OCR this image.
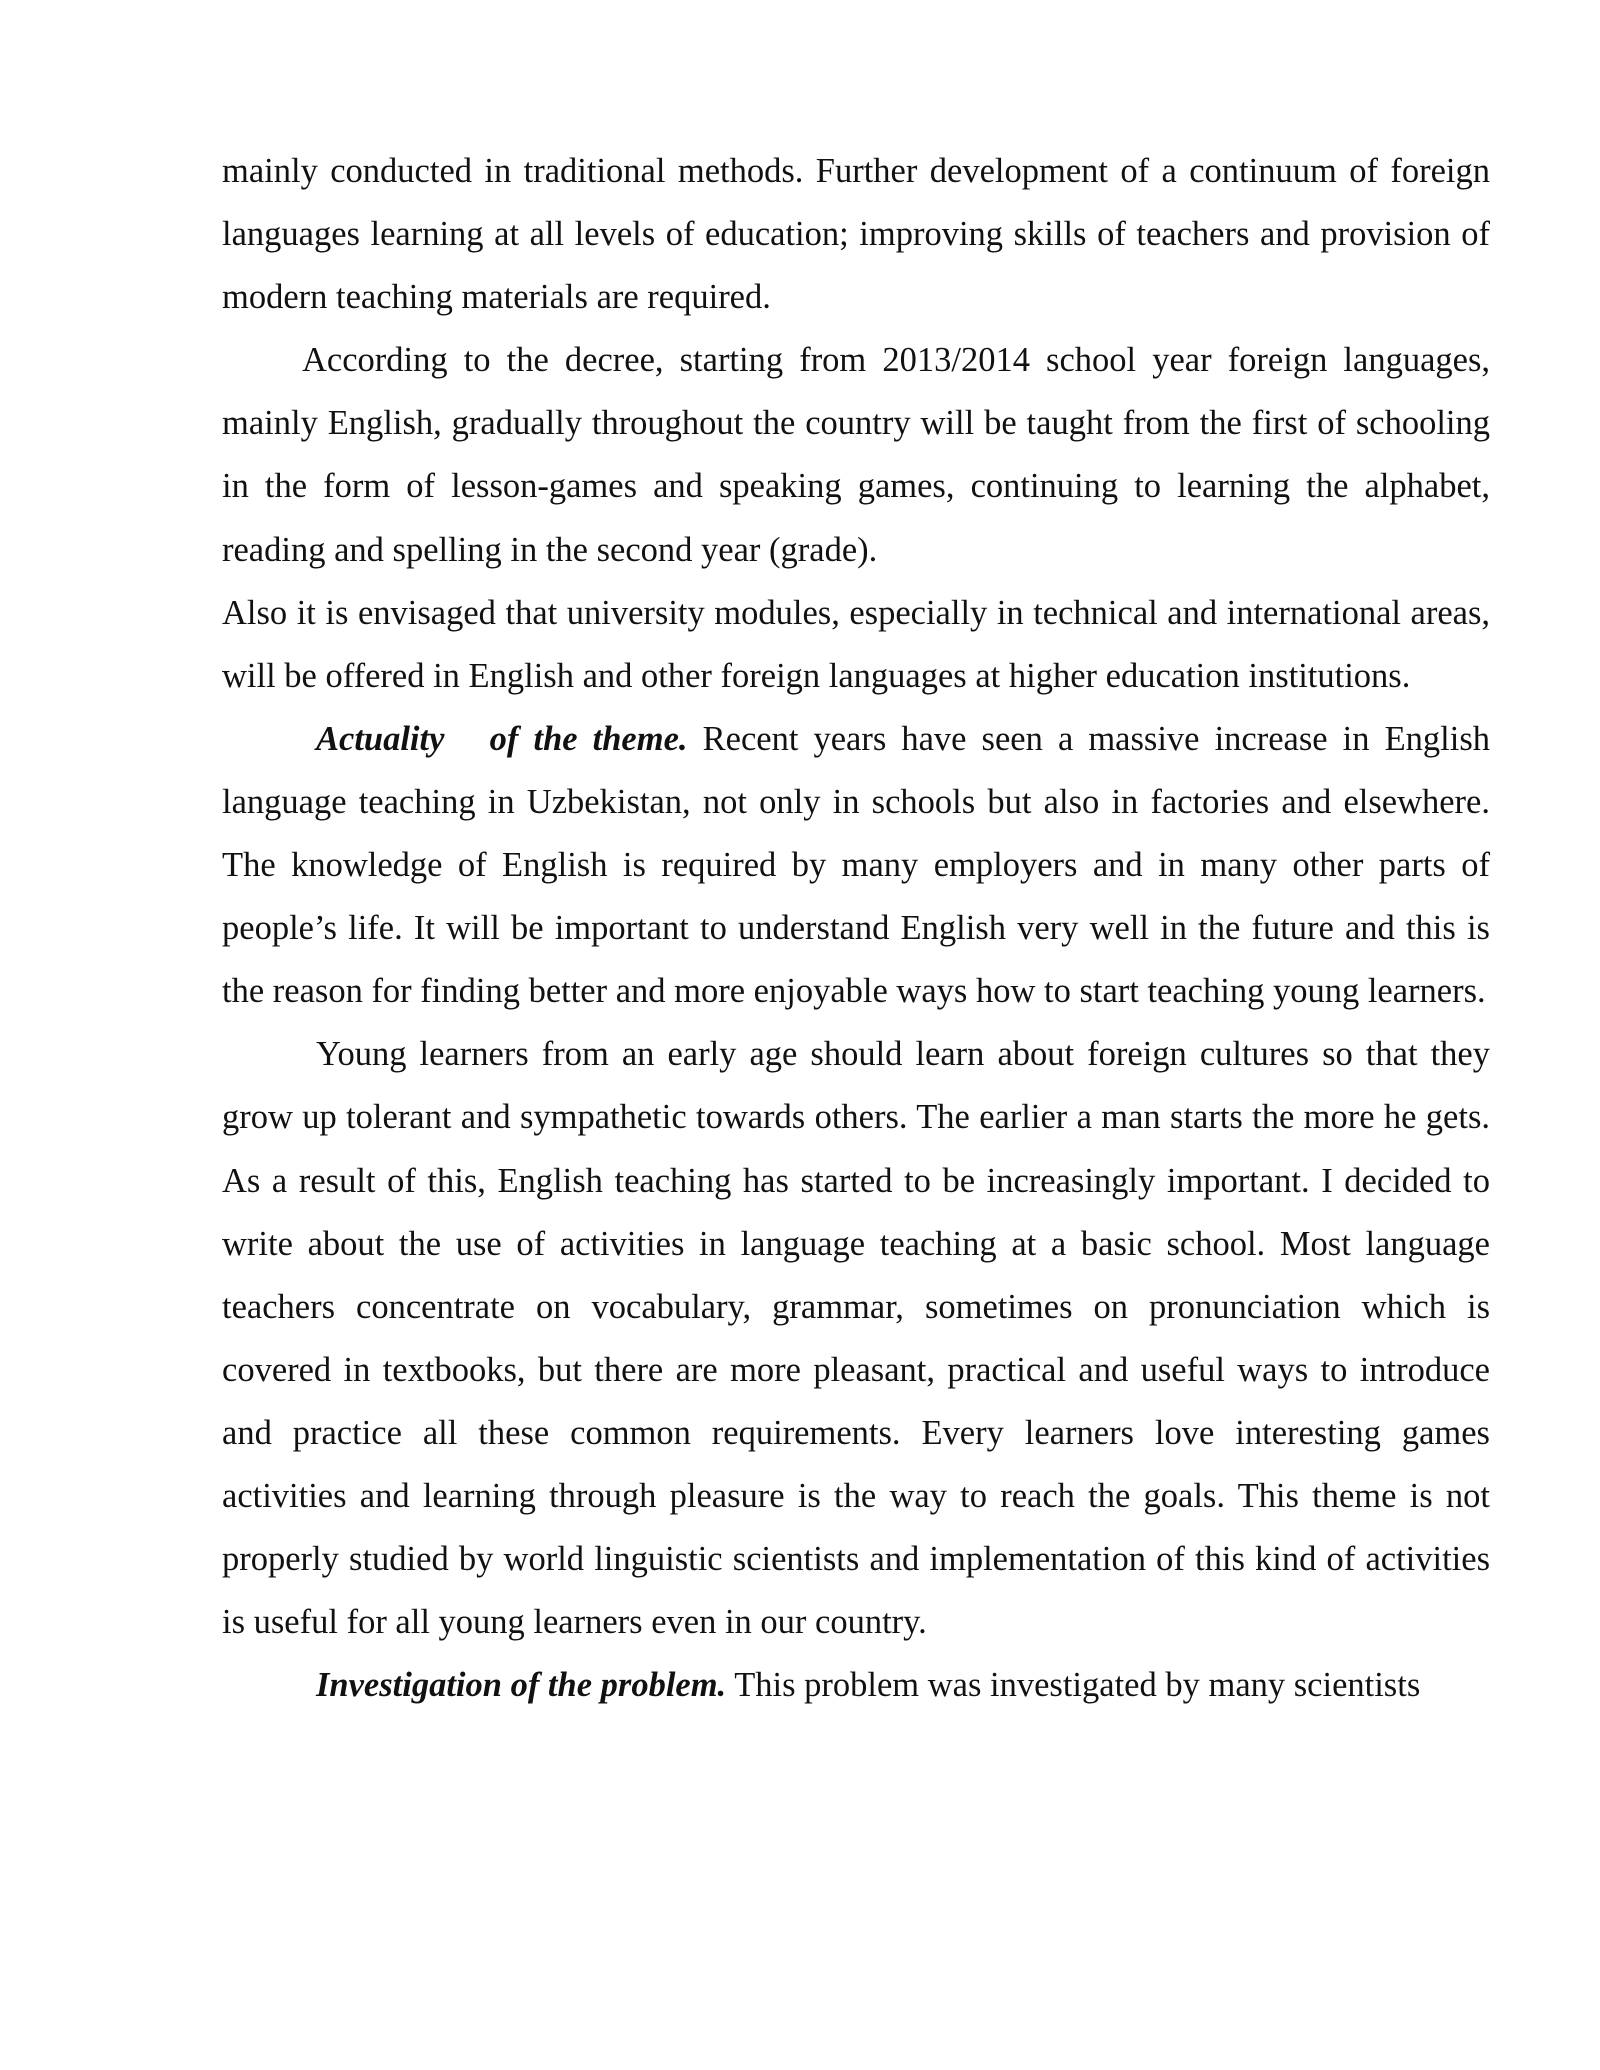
mainly conducted in traditional methods. Further development of a continuum of foreign languages learning at all levels of education; improving skills of teachers and provision of modern teaching materials are required.

According to the decree, starting from 2013/2014 school year foreign languages, mainly English, gradually throughout the country will be taught from the first of schooling in the form of lesson-games and speaking games, continuing to learning the alphabet, reading and spelling in the second year (grade).

Also it is envisaged that university modules, especially in technical and international areas, will be offered in English and other foreign languages at higher education institutions.

Actuality of the theme. Recent years have seen a massive increase in English language teaching in Uzbekistan, not only in schools but also in factories and elsewhere. The knowledge of English is required by many employers and in many other parts of people’s life. It will be important to understand English very well in the future and this is the reason for finding better and more enjoyable ways how to start teaching young learners.

Young learners from an early age should learn about foreign cultures so that they grow up tolerant and sympathetic towards others. The earlier a man starts the more he gets. As a result of this, English teaching has started to be increasingly important. I decided to write about the use of activities in language teaching at a basic school. Most language teachers concentrate on vocabulary, grammar, sometimes on pronunciation which is covered in textbooks, but there are more pleasant, practical and useful ways to introduce and practice all these common requirements. Every learners love interesting games activities and learning through pleasure is the way to reach the goals. This theme is not properly studied by world linguistic scientists and implementation of this kind of activities is useful for all young learners even in our country.

Investigation of the problem. This problem was investigated by many scientists
